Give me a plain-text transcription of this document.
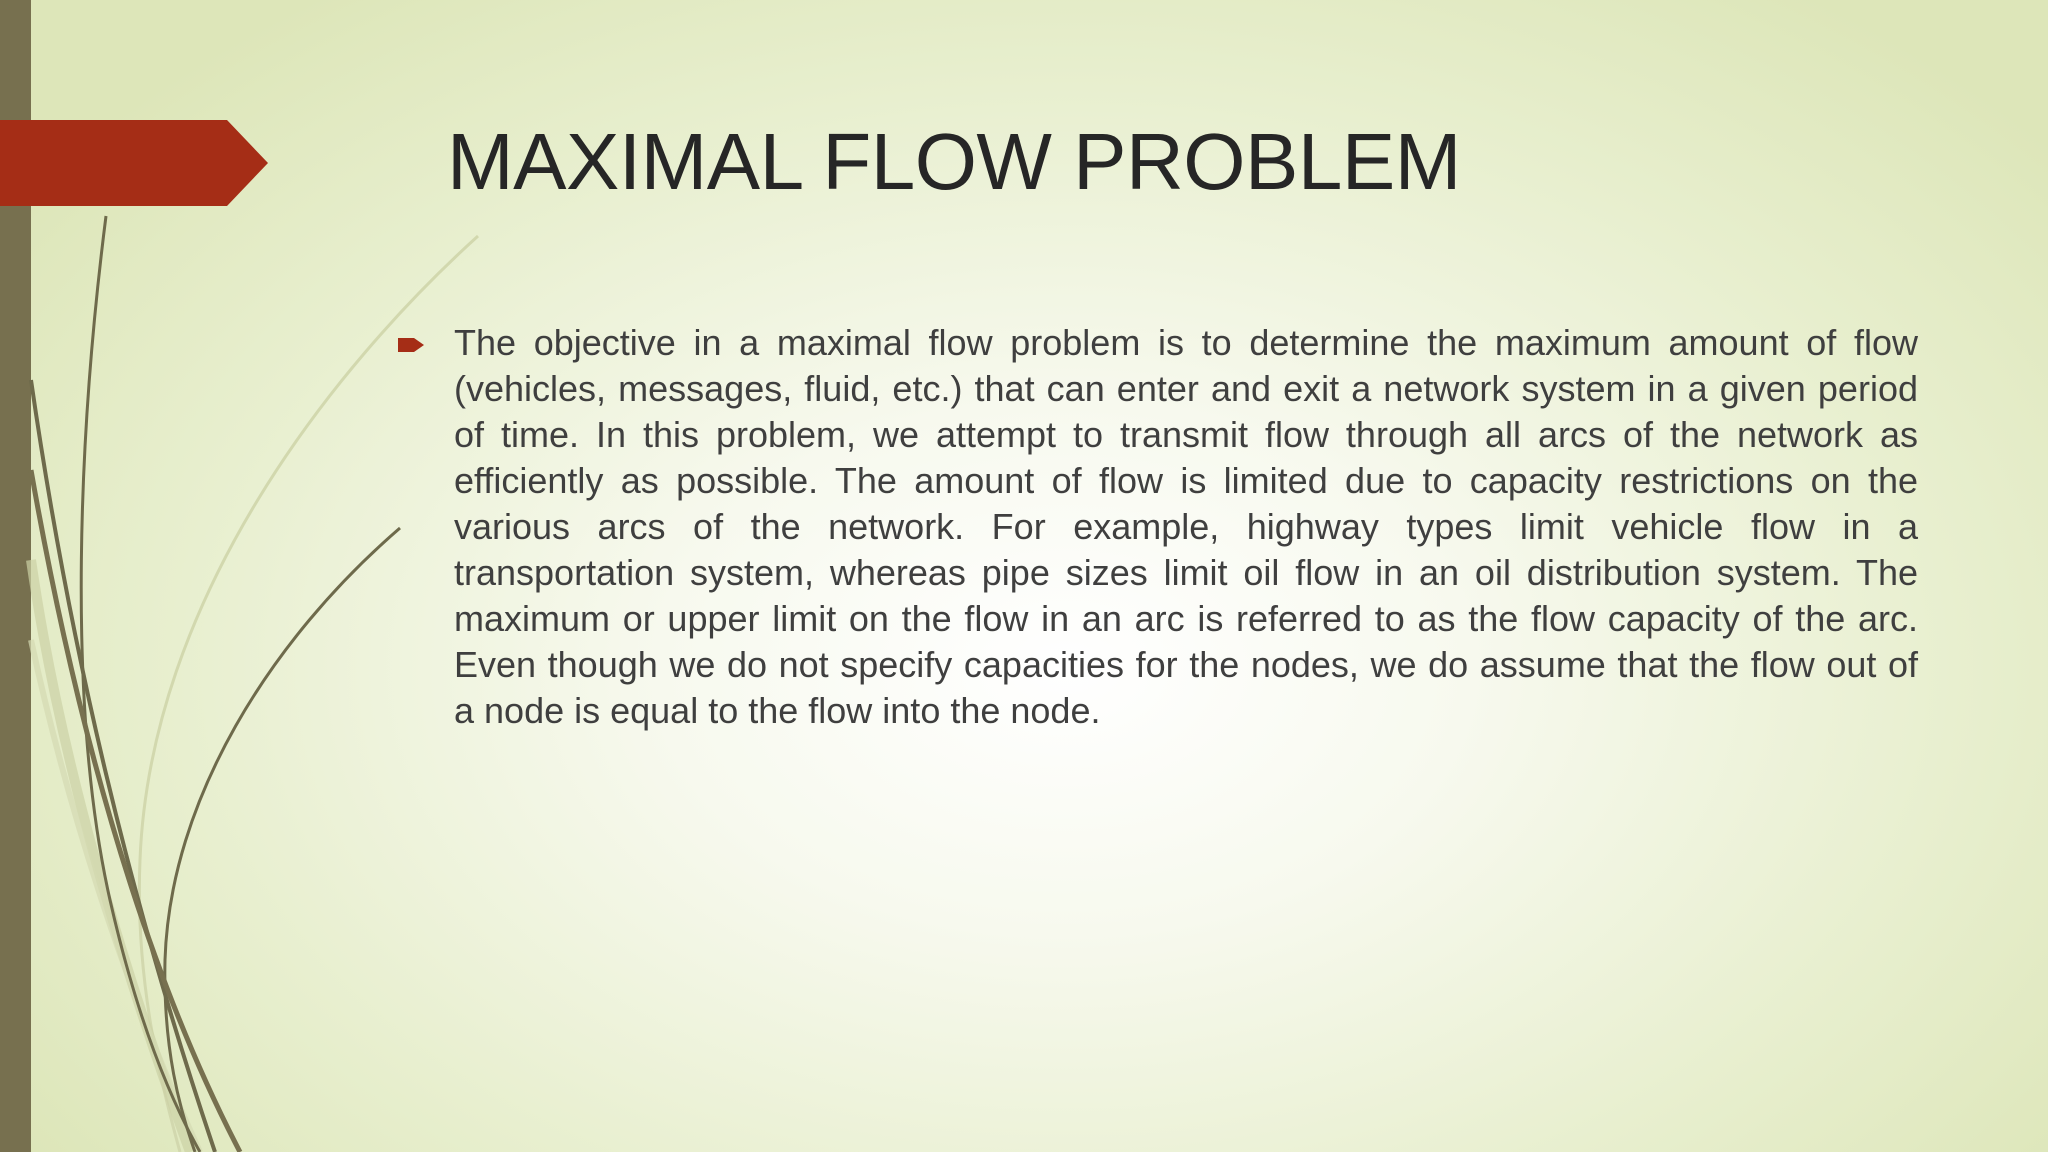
MAXIMAL FLOW PROBLEM

The objective in a maximal flow problem is to determine the maximum amount of flow (vehicles, messages, fluid, etc.) that can enter and exit a network system in a given period of time. In this problem, we attempt to transmit flow through all arcs of the network as efficiently as possible. The amount of flow is limited due to capacity restrictions on the various arcs of the network. For example, highway types limit vehicle flow in a transportation system, whereas pipe sizes limit oil flow in an oil distribution system. The maximum or upper limit on the flow in an arc is referred to as the flow capacity of the arc. Even though we do not specify capacities for the nodes, we do assume that the flow out of a node is equal to the flow into the node.
